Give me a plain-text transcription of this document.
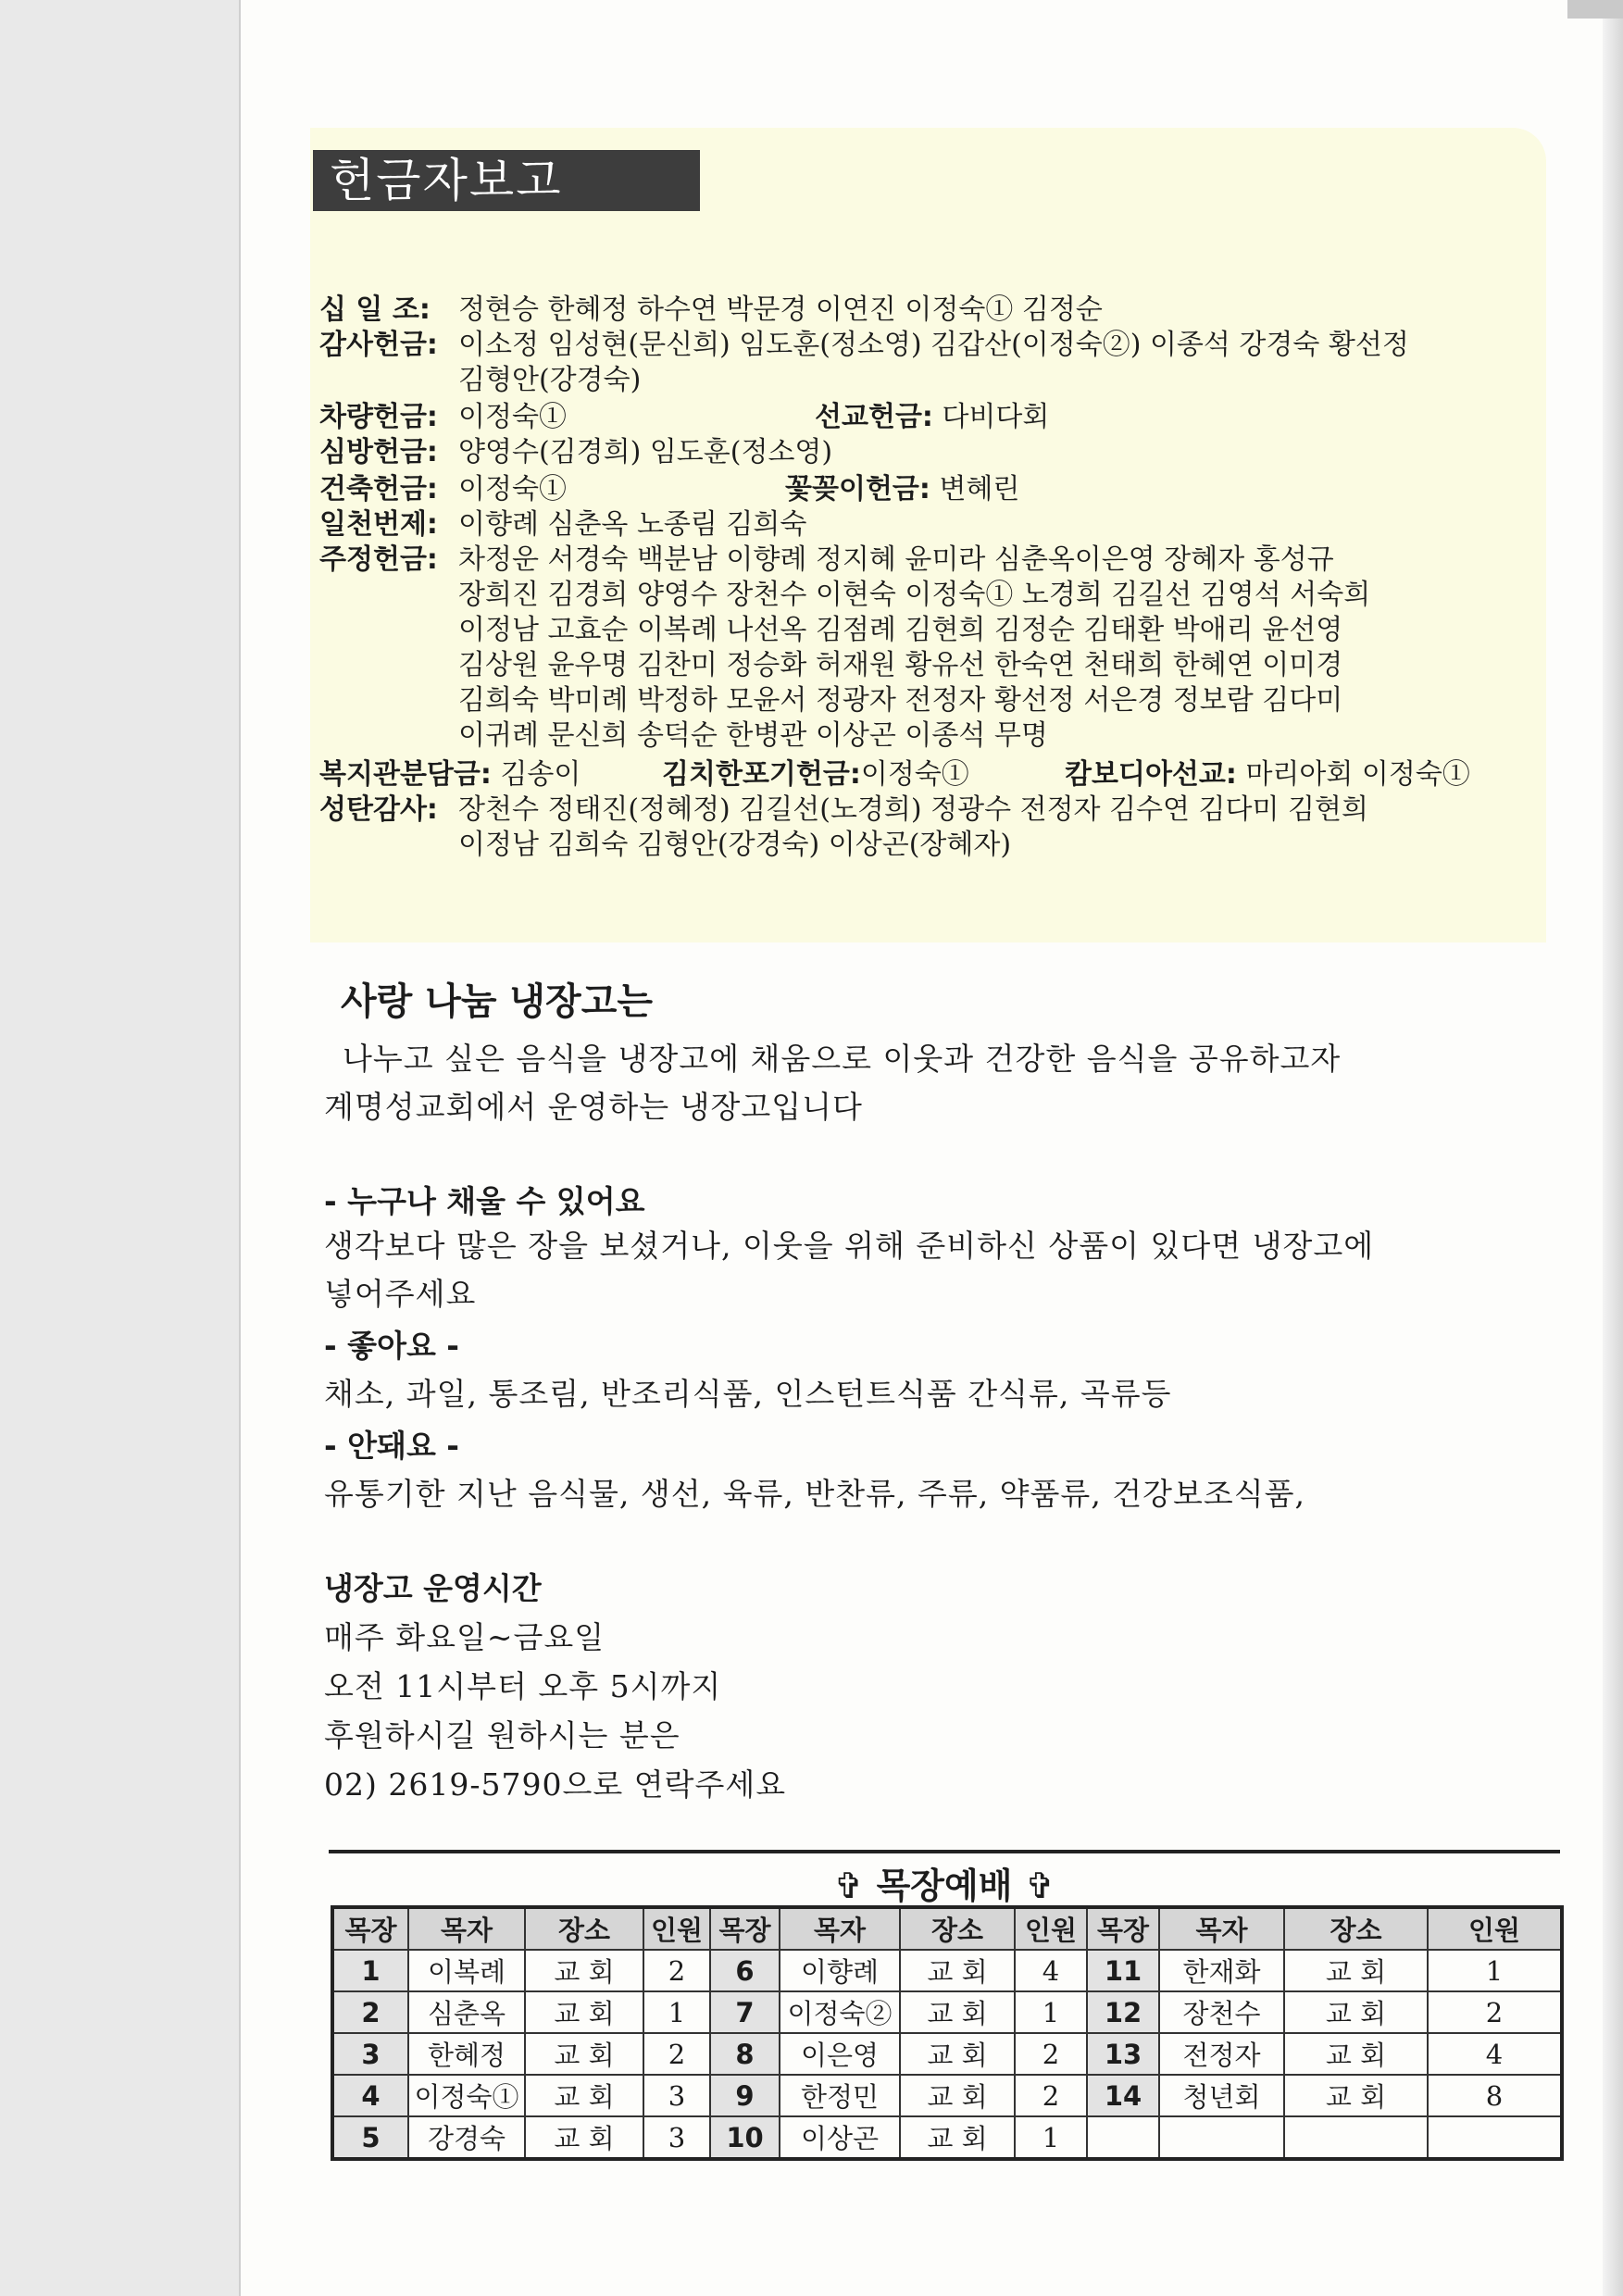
헌금자보고
십 일 조: 정현승 한혜정 하수연 박문경 이연진 이정숙① 김정순
감사헌금: 이소정 임성현(문신희) 임도훈(정소영) 김갑산(이정숙②) 이종석 강경숙 황선정
김형안(강경숙)
차량헌금: 이정숙①	선교헌금: 다비다회
심방헌금: 양영수(김경희) 임도훈(정소영)
건축헌금: 이정숙①	꽃꽂이헌금: 변혜린
일천번제: 이향례 심춘옥 노종림 김희숙
주정헌금: 차정운 서경숙 백분남 이향례 정지혜 윤미라 심춘옥이은영 장혜자 홍성규
장희진 김경희 양영수 장천수 이현숙 이정숙① 노경희 김길선 김영석 서숙희
이정남 고효순 이복례 나선옥 김점례 김현희 김정순 김태환 박애리 윤선영
김상원 윤우명 김찬미 정승화 허재원 황유선 한숙연 천태희 한혜연 이미경
김희숙 박미례 박정하 모윤서 정광자 전정자 황선정 서은경 정보람 김다미
이귀례 문신희 송덕순 한병관 이상곤 이종석 무명
복지관분담금: 김송이	김치한포기헌금:이정숙①	캄보디아선교: 마리아회 이정숙①
성탄감사: 장천수 정태진(정혜정) 김길선(노경희) 정광수 전정자 김수연 김다미 김현희
이정남 김희숙 김형안(강경숙) 이상곤(장혜자)
사랑 나눔 냉장고는
나누고 싶은 음식을 냉장고에 채움으로 이웃과 건강한 음식을 공유하고자
계명성교회에서 운영하는 냉장고입니다
- 누구나 채울 수 있어요
생각보다 많은 장을 보셨거나, 이웃을 위해 준비하신 상품이 있다면 냉장고에
넣어주세요
- 좋아요 -
채소, 과일, 통조림, 반조리식품, 인스턴트식품 간식류, 곡류등
- 안돼요 -
유통기한 지난 음식물, 생선, 육류, 반찬류, 주류, 약품류, 건강보조식품,
냉장고 운영시간
매주 화요일~금요일
오전 11시부터 오후 5시까지
후원하시길 원하시는 분은
02) 2619-5790으로 연락주세요
✞ 목장예배 ✞
목장	목자	장소	인원	목장	목자	장소	인원	목장	목자	장소	인원
1	이복례	교 회	2	6	이향례	교 회	4	11	한재화	교 회	1
2	심춘옥	교 회	1	7	이정숙②	교 회	1	12	장천수	교 회	2
3	한혜정	교 회	2	8	이은영	교 회	2	13	전정자	교 회	4
4	이정숙①	교 회	3	9	한정민	교 회	2	14	청년회	교 회	8
5	강경숙	교 회	3	10	이상곤	교 회	1				
